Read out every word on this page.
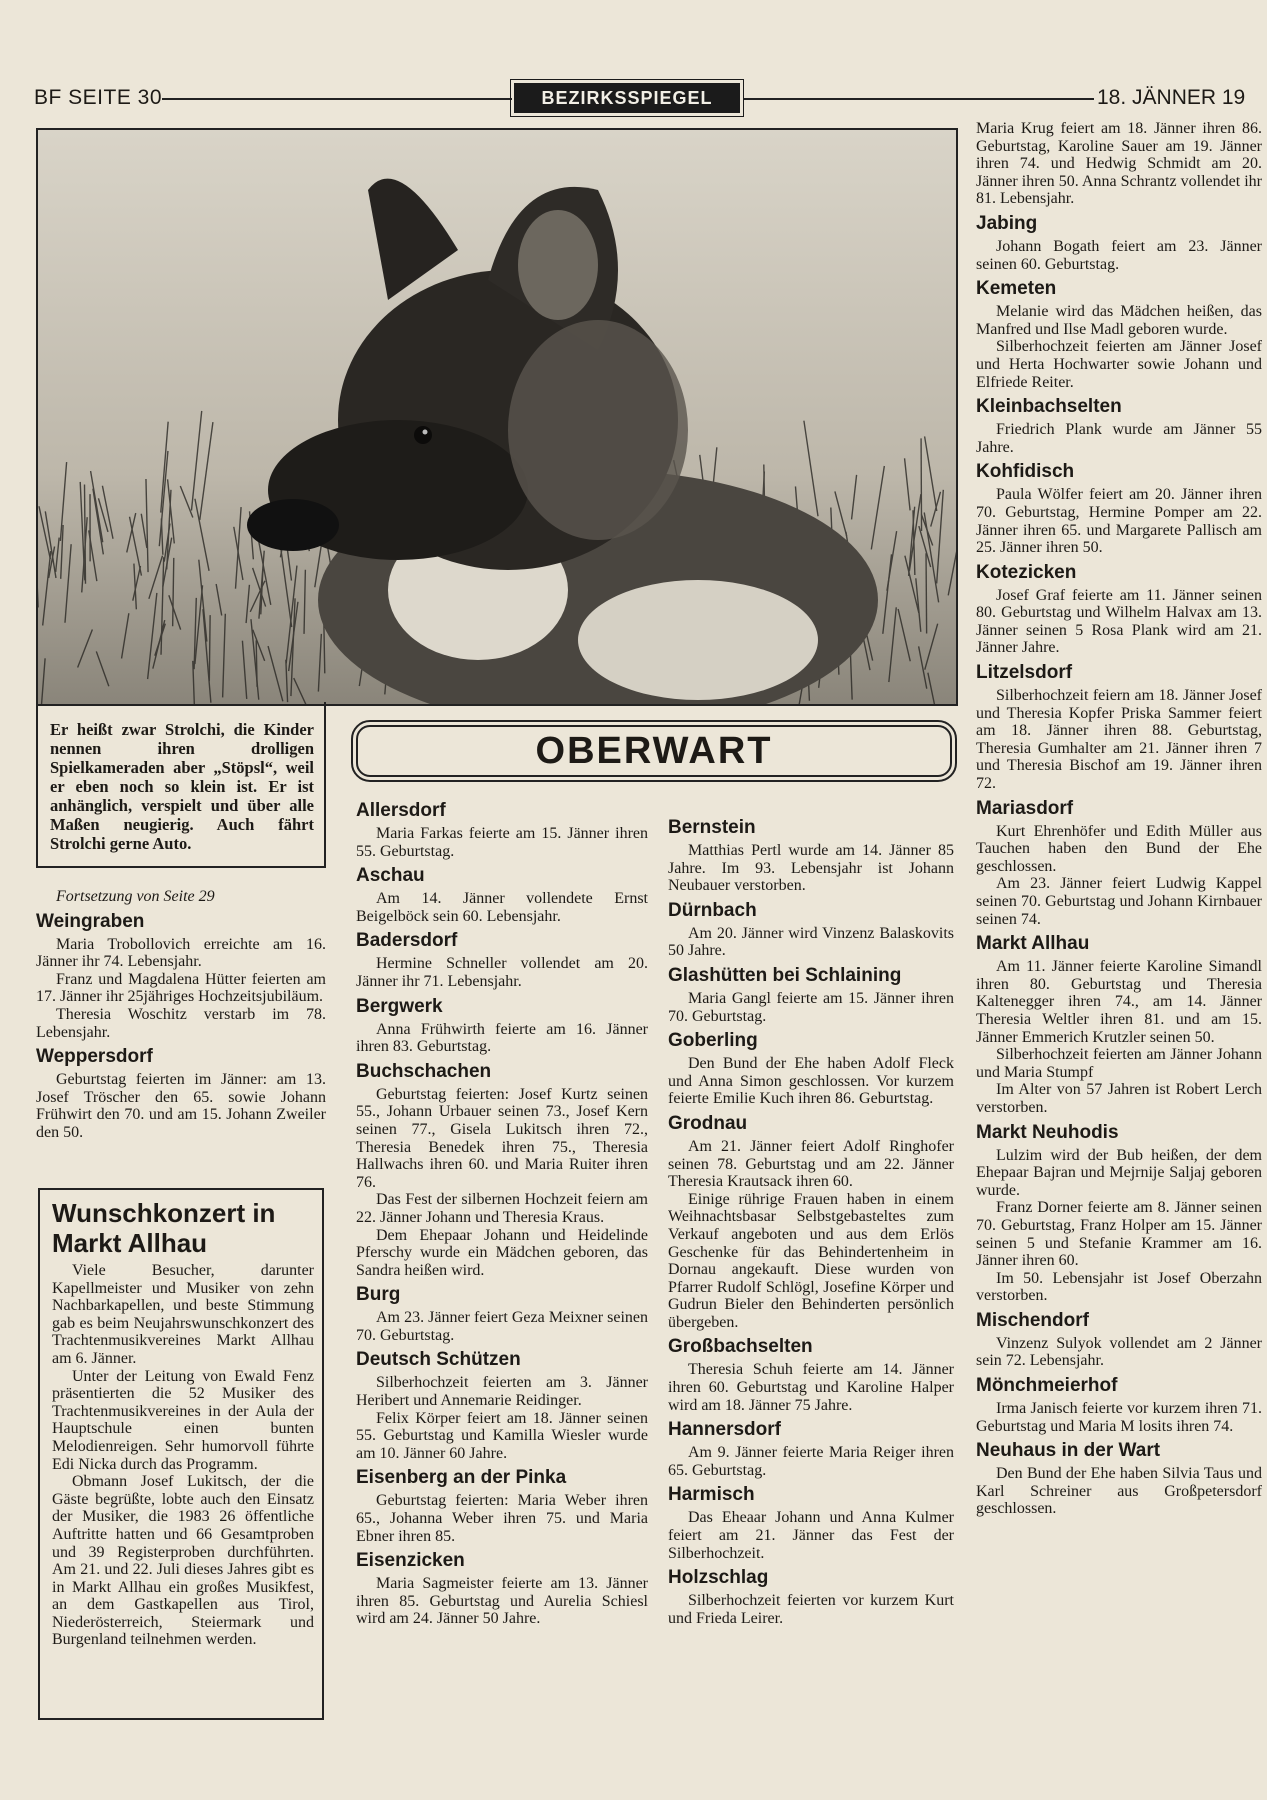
BF SEITE 30	BEZIRKSSPIEGEL	18. JÄNNER 19
Er heißt zwar Strolchi, die Kinder nennen ihren drolligen Spielkameraden aber „Stöpsl“, weil er eben noch so klein ist. Er ist anhänglich, verspielt und über alle Maßen neugierig. Auch fährt Strolchi gerne Auto.

Fortsetzung von Seite 29

Weingraben

Maria Trobollovich erreichte am 16. Jänner ihr 74. Lebensjahr.

Franz und Magdalena Hütter feierten am 17. Jänner ihr 25jähriges Hochzeitsjubiläum.

Theresia Woschitz verstarb im 78. Lebensjahr.

Weppersdorf

Geburtstag feierten im Jänner: am 13. Josef Tröscher den 65. sowie Johann Frühwirt den 70. und am 15. Johann Zweiler den 50.

Wunschkonzert in Markt Allhau

Viele Besucher, darunter Kapellmeister und Musiker von zehn Nachbarkapellen, und beste Stimmung gab es beim Neujahrswunschkonzert des Trachtenmusikvereines Markt Allhau am 6. Jänner.

Unter der Leitung von Ewald Fenz präsentierten die 52 Musiker des Trachtenmusikvereines in der Aula der Hauptschule einen bunten Melodienreigen. Sehr humorvoll führte Edi Nicka durch das Programm.

Obmann Josef Lukitsch, der die Gäste begrüßte, lobte auch den Einsatz der Musiker, die 1983 26 öffentliche Auftritte hatten und 66 Gesamtproben und 39 Registerproben durchführten. Am 21. und 22. Juli dieses Jahres gibt es in Markt Allhau ein großes Musikfest, an dem Gastkapellen aus Tirol, Niederösterreich, Steiermark und Burgenland teilnehmen werden.

OBERWART
Allersdorf

Maria Farkas feierte am 15. Jänner ihren 55. Geburtstag.

Aschau

Am 14. Jänner vollendete Ernst Beigelböck sein 60. Lebensjahr.

Badersdorf

Hermine Schneller vollendet am 20. Jänner ihr 71. Lebensjahr.

Bergwerk

Anna Frühwirth feierte am 16. Jänner ihren 83. Geburtstag.

Buchschachen

Geburtstag feierten: Josef Kurtz seinen 55., Johann Urbauer seinen 73., Josef Kern seinen 77., Gisela Lukitsch ihren 72., Theresia Benedek ihren 75., Theresia Hallwachs ihren 60. und Maria Ruiter ihren 76.

Das Fest der silbernen Hochzeit feiern am 22. Jänner Johann und Theresia Kraus.

Dem Ehepaar Johann und Heidelinde Pferschy wurde ein Mädchen geboren, das Sandra heißen wird.

Burg

Am 23. Jänner feiert Geza Meixner seinen 70. Geburtstag.

Deutsch Schützen

Silberhochzeit feierten am 3. Jänner Heribert und Annemarie Reidinger.

Felix Körper feiert am 18. Jänner seinen 55. Geburtstag und Kamilla Wiesler wurde am 10. Jänner 60 Jahre.

Eisenberg an der Pinka

Geburtstag feierten: Maria Weber ihren 65., Johanna Weber ihren 75. und Maria Ebner ihren 85.

Eisenzicken

Maria Sagmeister feierte am 13. Jänner ihren 85. Geburtstag und Aurelia Schiesl wird am 24. Jänner 50 Jahre.

Bernstein

Matthias Pertl wurde am 14. Jänner 85 Jahre. Im 93. Lebensjahr ist Johann Neubauer verstorben.

Dürnbach

Am 20. Jänner wird Vinzenz Balaskovits 50 Jahre.

Glashütten bei Schlaining

Maria Gangl feierte am 15. Jänner ihren 70. Geburtstag.

Goberling

Den Bund der Ehe haben Adolf Fleck und Anna Simon geschlossen. Vor kurzem feierte Emilie Kuch ihren 86. Geburtstag.

Grodnau

Am 21. Jänner feiert Adolf Ringhofer seinen 78. Geburtstag und am 22. Jänner Theresia Krautsack ihren 60.

Einige rührige Frauen haben in einem Weihnachtsbasar Selbstgebasteltes zum Verkauf angeboten und aus dem Erlös Geschenke für das Behindertenheim in Dornau angekauft. Diese wurden von Pfarrer Rudolf Schlögl, Josefine Körper und Gudrun Bieler den Behinderten persönlich übergeben.

Großbachselten

Theresia Schuh feierte am 14. Jänner ihren 60. Geburtstag und Karoline Halper wird am 18. Jänner 75 Jahre.

Hannersdorf

Am 9. Jänner feierte Maria Reiger ihren 65. Geburtstag.

Harmisch

Das Eheaar Johann und Anna Kulmer feiert am 21. Jänner das Fest der Silberhochzeit.

Holzschlag

Silberhochzeit feierten vor kurzem Kurt und Frieda Leirer.

Maria Krug feiert am 18. Jänner ihren 86. Geburtstag, Karoline Sauer am 19. Jänner ihren 74. und Hedwig Schmidt am 20. Jänner ihren 50. Anna Schrantz vollendet ihr 81. Lebensjahr.

Jabing

Johann Bogath feiert am 23. Jänner seinen 60. Geburtstag.

Kemeten

Melanie wird das Mädchen heißen, das Manfred und Ilse Madl geboren wurde.

Silberhochzeit feierten am Jänner Josef und Herta Hochwarter sowie Johann und Elfriede Reiter.

Kleinbachselten

Friedrich Plank wurde am Jänner 55 Jahre.

Kohfidisch

Paula Wölfer feiert am 20. Jänner ihren 70. Geburtstag, Hermine Pomper am 22. Jänner ihren 65. und Margarete Pallisch am 25. Jänner ihren 50.

Kotezicken

Josef Graf feierte am 11. Jänner seinen 80. Geburtstag und Wilhelm Halvax am 13. Jänner seinen 5 Rosa Plank wird am 21. Jänner Jahre.

Litzelsdorf

Silberhochzeit feiern am 18. Jänner Josef und Theresia Kopfer Priska Sammer feiert am 18. Jänner ihren 88. Geburtstag, Theresia Gumhalter am 21. Jänner ihren 7 und Theresia Bischof am 19. Jänner ihren 72.

Mariasdorf

Kurt Ehrenhöfer und Edith Müller aus Tauchen haben den Bund der Ehe geschlossen.

Am 23. Jänner feiert Ludwig Kappel seinen 70. Geburtstag und Johann Kirnbauer seinen 74.

Markt Allhau

Am 11. Jänner feierte Karoline Simandl ihren 80. Geburtstag und Theresia Kaltenegger ihren 74., am 14. Jänner Theresia Weltler ihren 81. und am 15. Jänner Emmerich Krutzler seinen 50.

Silberhochzeit feierten am Jänner Johann und Maria Stumpf

Im Alter von 57 Jahren ist Robert Lerch verstorben.

Markt Neuhodis

Lulzim wird der Bub heißen, der dem Ehepaar Bajran und Mejrnije Saljaj geboren wurde.

Franz Dorner feierte am 8. Jänner seinen 70. Geburtstag, Franz Holper am 15. Jänner seinen 5 und Stefanie Krammer am 16. Jänner ihren 60.

Im 50. Lebensjahr ist Josef Oberzahn verstorben.

Mischendorf

Vinzenz Sulyok vollendet am 2 Jänner sein 72. Lebensjahr.

Mönchmeierhof

Irma Janisch feierte vor kurzem ihren 71. Geburtstag und Maria M losits ihren 74.

Neuhaus in der Wart

Den Bund der Ehe haben Silvia Taus und Karl Schreiner aus Großpetersdorf geschlossen.
